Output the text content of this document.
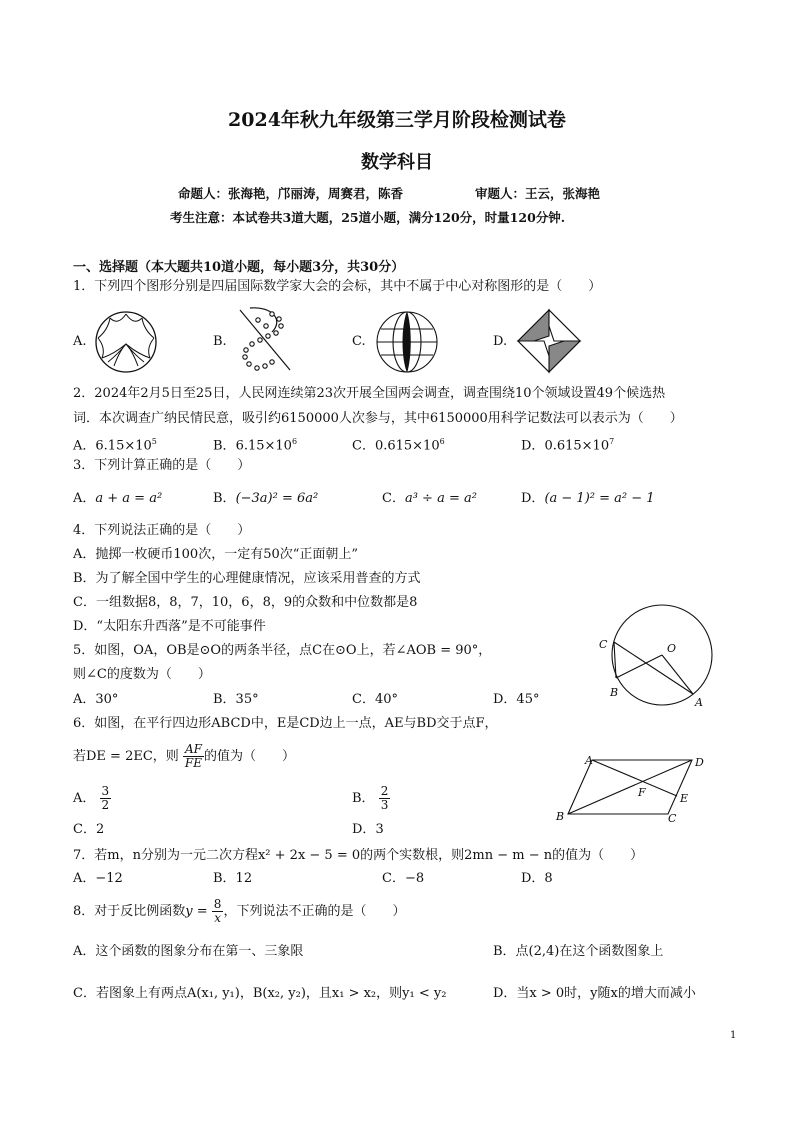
2024年秋九年级第三学月阶段检测试卷
数学科目
命题人：张海艳，邝丽涛，周赛君，陈香	审题人：王云，张海艳
考生注意：本试卷共3道大题，25道小题，满分120分，时量120分钟.
一、选择题（本大题共10道小题，每小题3分，共30分）
1．下列四个图形分别是四届国际数学家大会的会标，其中不属于中心对称图形的是（　　）
A.	B.	C.	D.
2．2024年2月5日至25日，人民网连续第23次开展全国两会调查，调查围绕10个领域设置49个候选热
词．本次调查广纳民情民意，吸引约6150000人次参与，其中6150000用科学记数法可以表示为（　　）
A．$6.15\times 10^5$	B．$6.15\times 10^6$	C．$0.615\times 10^6$	D．$0.615\times 10^7$
3．下列计算正确的是（　　）
A．a + a = a²	B．(−3a)² = 6a²	C．a³ ÷ a = a²	D．(a − 1)² = a² − 1
4．下列说法正确的是（　　）
A．抛掷一枚硬币100次，一定有50次“正面朝上”
B．为了解全国中学生的心理健康情况，应该采用普查的方式
C．一组数据8，8，7，10，6，8，9的众数和中位数都是8
D．“太阳东升西落”是不可能事件
C	O
B
A
5．如图，OA，OB是⊙O的两条半径，点C在⊙O上，若∠AOB = 90°，
则∠C的度数为（　　）
A．30°	B．35°	C．40°	D．45°
6．如图，在平行四边形ABCD中，E是CD边上一点，AE与BD交于点F，
若DE = 2EC，则 $\frac{AF}{FE}$ 的值为（　　）	A	D
F	E
B	C
A． $\frac{3}{2}$	B． $\frac{2}{3}$
C．2	D．3
7．若m，n分别为一元二次方程x² + 2x − 5 = 0的两个实数根，则2mn − m − n的值为（　　）
A．−12	B．12	C．−8	D．8
8．对于反比例函数$y = \frac{8}{x}$ ，下列说法不正确的是（　　）
A．这个函数的图象分布在第一、三象限	B．点(2,4)在这个函数图象上
C．若图象上有两点A(x₁, y₁)，B(x₂, y₂)，且x₁ > x₂，则y₁ < y₂	D．当x > 0时，y随x的增大而减小
1
